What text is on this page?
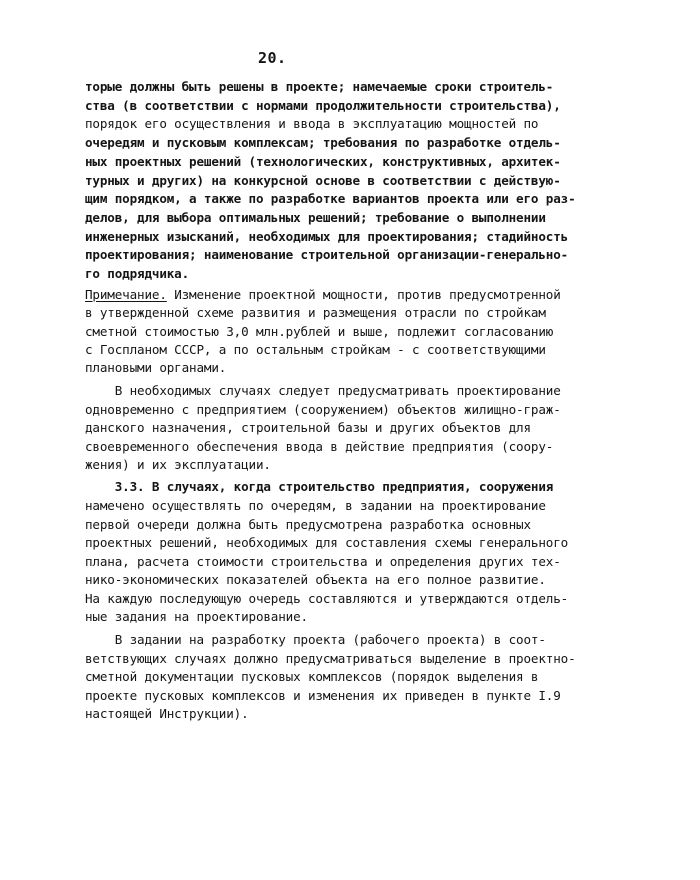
20.
торые должны быть решены в проекте; намечаемые сроки строитель-
ства (в соответствии с нормами продолжительности строительства),
порядок его осуществления и ввода в эксплуатацию мощностей по
очередям и пусковым комплексам; требования по разработке отдель-
ных проектных решений (технологических, конструктивных, архитек-
турных и других) на конкурсной основе в соответствии с действую-
щим порядком, а также по разработке вариантов проекта или его раз-
делов, для выбора оптимальных решений; требование о выполнении
инженерных изысканий, необходимых для проектирования; стадийность
проектирования; наименование строительной организации-генерально-
го подрядчика.
Примечание. Изменение проектной мощности, против предусмотренной
в утвержденной схеме развития и размещения отрасли по стройкам
сметной стоимостью 3,0 млн.рублей и выше, подлежит согласованию
с Госпланом СССР, а по остальным стройкам - с соответствующими
плановыми органами.
В необходимых случаях следует предусматривать проектирование
одновременно с предприятием (сооружением) объектов жилищно-граж-
данского назначения, строительной базы и других объектов для
своевременного обеспечения ввода в действие предприятия (соору-
жения) и их эксплуатации.
3.3. В случаях, когда строительство предприятия, сооружения
намечено осуществлять по очередям, в задании на проектирование
первой очереди должна быть предусмотрена разработка основных
проектных решений, необходимых для составления схемы генерального
плана, расчета стоимости строительства и определения других тех-
нико-экономических показателей объекта на его полное развитие.
На каждую последующую очередь составляются и утверждаются отдель-
ные задания на проектирование.
В задании на разработку проекта (рабочего проекта) в соот-
ветствующих случаях должно предусматриваться выделение в проектно-
сметной документации пусковых комплексов (порядок выделения в
проекте пусковых комплексов и изменения их приведен в пункте I.9
настоящей Инструкции).
